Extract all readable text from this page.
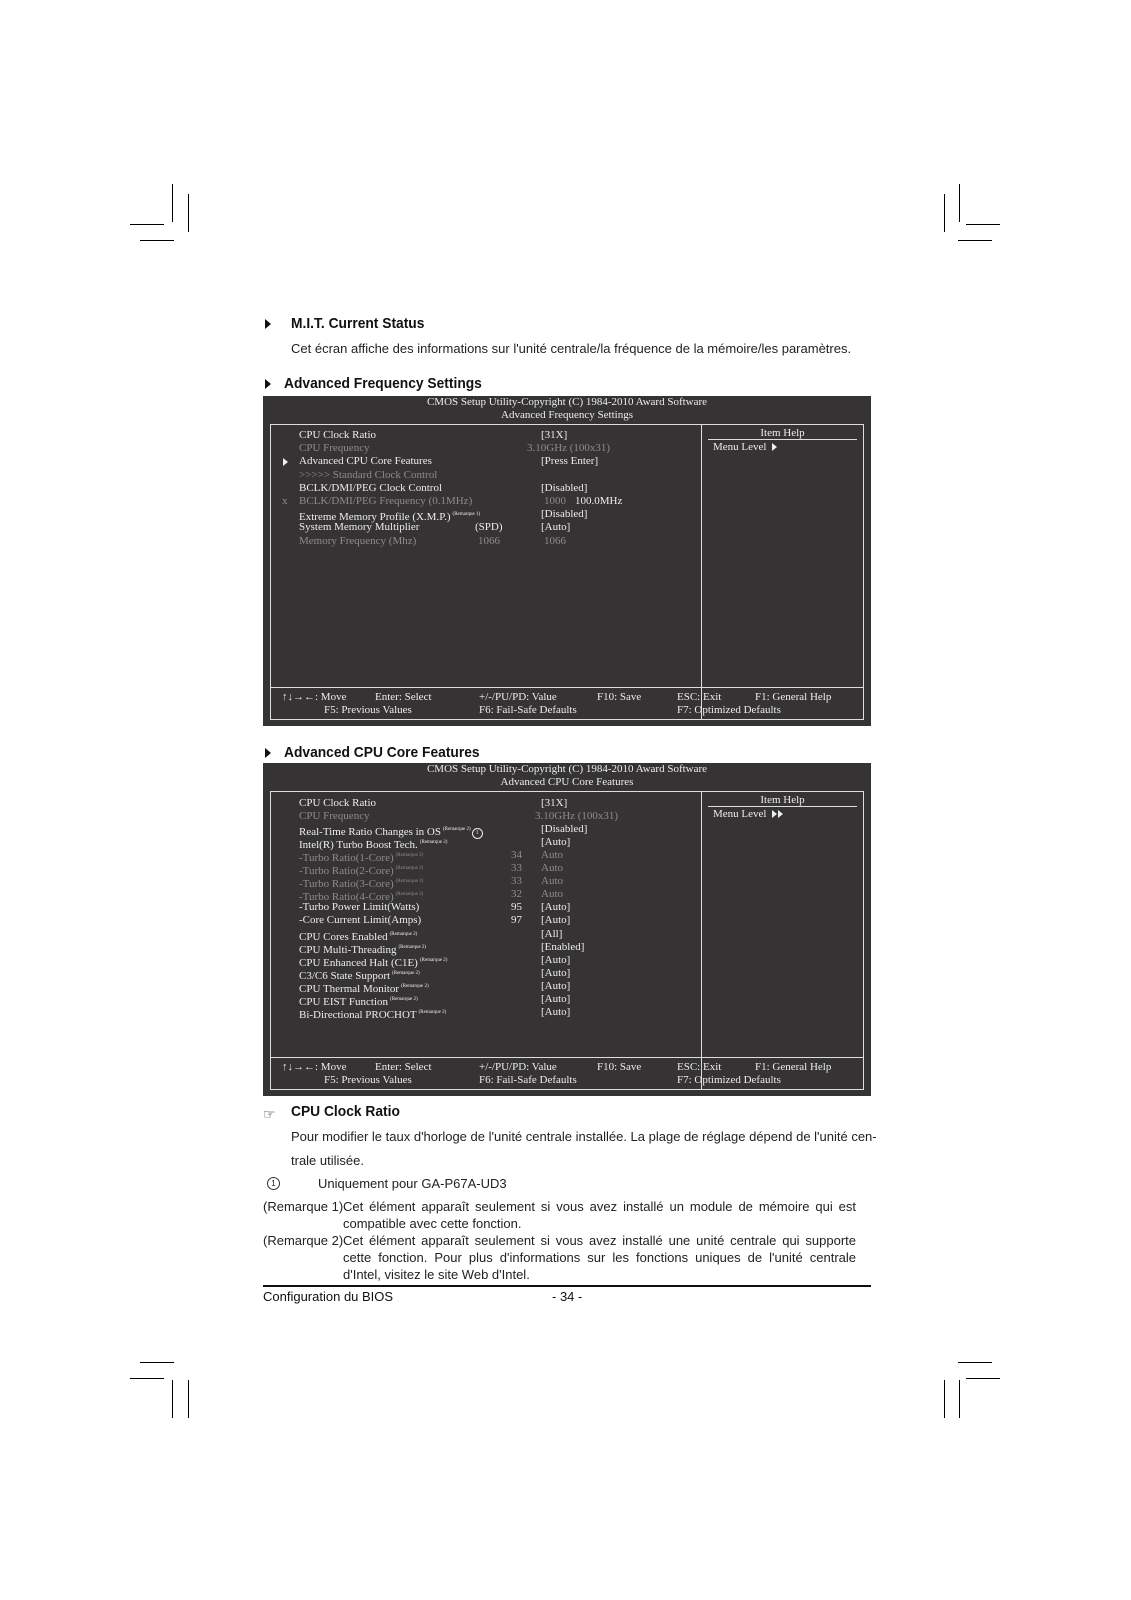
M.I.T. Current Status
Cet écran affiche des informations sur l'unité centrale/la fréquence de la mémoire/les paramètres.
Advanced Frequency Settings
CMOS Setup Utility-Copyright (C) 1984-2010 Award Software
Advanced Frequency Settings
CPU Clock Ratio	[31X]
CPU Frequency	3.10GHz (100x31)
Advanced CPU Core Features	[Press Enter]
>>>>> Standard Clock Control
BCLK/DMI/PEG Clock Control	[Disabled]
x BCLK/DMI/PEG Frequency (0.1MHz)	1000 100.0MHz
Extreme Memory Profile (X.M.P.) $^{(Remarque 1)}$	[Disabled]
System Memory Multiplier	(SPD)	[Auto]
Memory Frequency (Mhz)	1066	1066
Item Help
Menu Level
↑↓→←: Move	Enter: Select	+/-/PU/PD: Value	F10: Save	ESC: Exit	F1: General Help
F5: Previous Values	F6: Fail-Safe Defaults	F7: Optimized Defaults
Advanced CPU Core Features
CMOS Setup Utility-Copyright (C) 1984-2010 Award Software
Advanced CPU Core Features
CPU Clock Ratio	[31X]
CPU Frequency	3.10GHz (100x31)
Real-Time Ratio Changes in OS $^{(Remarque 2)}$1	[Disabled]
Intel(R) Turbo Boost Tech. $^{(Remarque 2)}$	[Auto]
-Turbo Ratio(1-Core) $^{(Remarque 2)}$	34 Auto
-Turbo Ratio(2-Core) $^{(Remarque 2)}$	33 Auto
-Turbo Ratio(3-Core) $^{(Remarque 2)}$	33 Auto
-Turbo Ratio(4-Core) $^{(Remarque 2)}$	32 Auto
-Turbo Power Limit(Watts)	95 [Auto]
-Core Current Limit(Amps)	97 [Auto]
CPU Cores Enabled $^{(Remarque 2)}$	[All]
CPU Multi-Threading $^{(Remarque 2)}$	[Enabled]
CPU Enhanced Halt (C1E) $^{(Remarque 2)}$	[Auto]
C3/C6 State Support $^{(Remarque 2)}$	[Auto]
CPU Thermal Monitor $^{(Remarque 2)}$	[Auto]
CPU EIST Function $^{(Remarque 2)}$	[Auto]
Bi-Directional PROCHOT $^{(Remarque 2)}$	[Auto]
Item Help
Menu Level
↑↓→←: Move	Enter: Select	+/-/PU/PD: Value	F10: Save	ESC: Exit	F1: General Help
F5: Previous Values	F6: Fail-Safe Defaults	F7: Optimized Defaults
☞ CPU Clock Ratio
Pour modifier le taux d'horloge de l'unité centrale installée. La plage de réglage dépend de l'unité cen-
trale utilisée.
1	Uniquement pour GA-P67A-UD3
(Remarque 1) Cet élément apparaît seulement si vous avez installé un module de mémoire qui est compatible avec cette fonction.
(Remarque 2) Cet élément apparaît seulement si vous avez installé une unité centrale qui supporte cette fonction. Pour plus d'informations sur les fonctions uniques de l'unité centrale d'Intel, visitez le site Web d'Intel.
Configuration du BIOS	- 34 -
